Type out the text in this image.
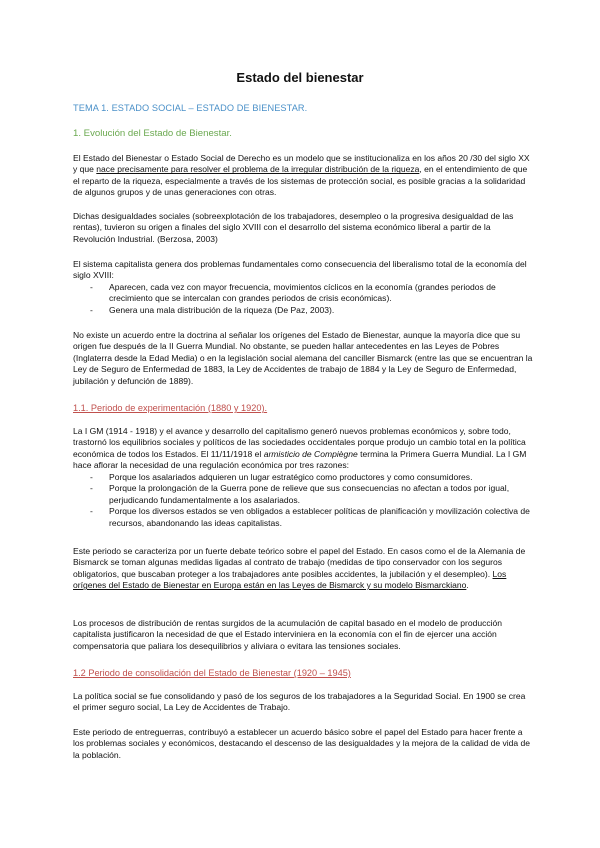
Estado del bienestar
TEMA 1. ESTADO SOCIAL – ESTADO DE BIENESTAR.
1. Evolución del Estado de Bienestar.
El Estado del Bienestar o Estado Social de Derecho es un modelo que se institucionaliza en los años 20 /30 del siglo XX y que nace precisamente para resolver el problema de la irregular distribución de la riqueza, en el entendimiento de que el reparto de la riqueza, especialmente a través de los sistemas de protección social, es posible gracias a la solidaridad de algunos grupos y de unas generaciones con otras.
Dichas desigualdades sociales (sobreexplotación de los trabajadores, desempleo o la progresiva desigualdad de las rentas), tuvieron su origen a finales del siglo XVIII con el desarrollo del sistema económico liberal a partir de la Revolución Industrial. (Berzosa, 2003)
El sistema capitalista genera dos problemas fundamentales como consecuencia del liberalismo total de la economía del siglo XVIII:
- Aparecen, cada vez con mayor frecuencia, movimientos cíclicos en la economía (grandes periodos de crecimiento que se intercalan con grandes periodos de crisis económicas).
- Genera una mala distribución de la riqueza (De Paz, 2003).
No existe un acuerdo entre la doctrina al señalar los orígenes del Estado de Bienestar, aunque la mayoría dice que su origen fue después de la II Guerra Mundial. No obstante, se pueden hallar antecedentes en las Leyes de Pobres (Inglaterra desde la Edad Media) o en la legislación social alemana del canciller Bismarck (entre las que se encuentran la Ley de Seguro de Enfermedad de 1883, la Ley de Accidentes de trabajo de 1884 y la Ley de Seguro de Enfermedad, jubilación y defunción de 1889).
1.1. Periodo de experimentación (1880 y 1920).
La I GM (1914 - 1918) y el avance y desarrollo del capitalismo generó nuevos problemas económicos y, sobre todo, trastornó los equilibrios sociales y políticos de las sociedades occidentales porque produjo un cambio total en la política económica de todos los Estados. El 11/11/1918 el armisticio de Compiègne termina la Primera Guerra Mundial. La I GM hace aflorar la necesidad de una regulación económica por tres razones:
- Porque los asalariados adquieren un lugar estratégico como productores y como consumidores.
- Porque la prolongación de la Guerra pone de relieve que sus consecuencias no afectan a todos por igual, perjudicando fundamentalmente a los asalariados.
- Porque los diversos estados se ven obligados a establecer políticas de planificación y movilización colectiva de recursos, abandonando las ideas capitalistas.
Este periodo se caracteriza por un fuerte debate teórico sobre el papel del Estado. En casos como el de la Alemania de Bismarck se toman algunas medidas ligadas al contrato de trabajo (medidas de tipo conservador con los seguros obligatorios, que buscaban proteger a los trabajadores ante posibles accidentes, la jubilación y el desempleo). Los orígenes del Estado de Bienestar en Europa están en las Leyes de Bismarck y su modelo Bismarckiano.
Los procesos de distribución de rentas surgidos de la acumulación de capital basado en el modelo de producción capitalista justificaron la necesidad de que el Estado interviniera en la economía con el fin de ejercer una acción compensatoria que paliara los desequilibrios y aliviara o evitara las tensiones sociales.
1.2 Periodo de consolidación del Estado de Bienestar (1920 – 1945)
La política social se fue consolidando y pasó de los seguros de los trabajadores a la Seguridad Social. En 1900 se crea el primer seguro social, La Ley de Accidentes de Trabajo.
Este periodo de entreguerras, contribuyó a establecer un acuerdo básico sobre el papel del Estado para hacer frente a los problemas sociales y económicos, destacando el descenso de las desigualdades y la mejora de la calidad de vida de la población.
